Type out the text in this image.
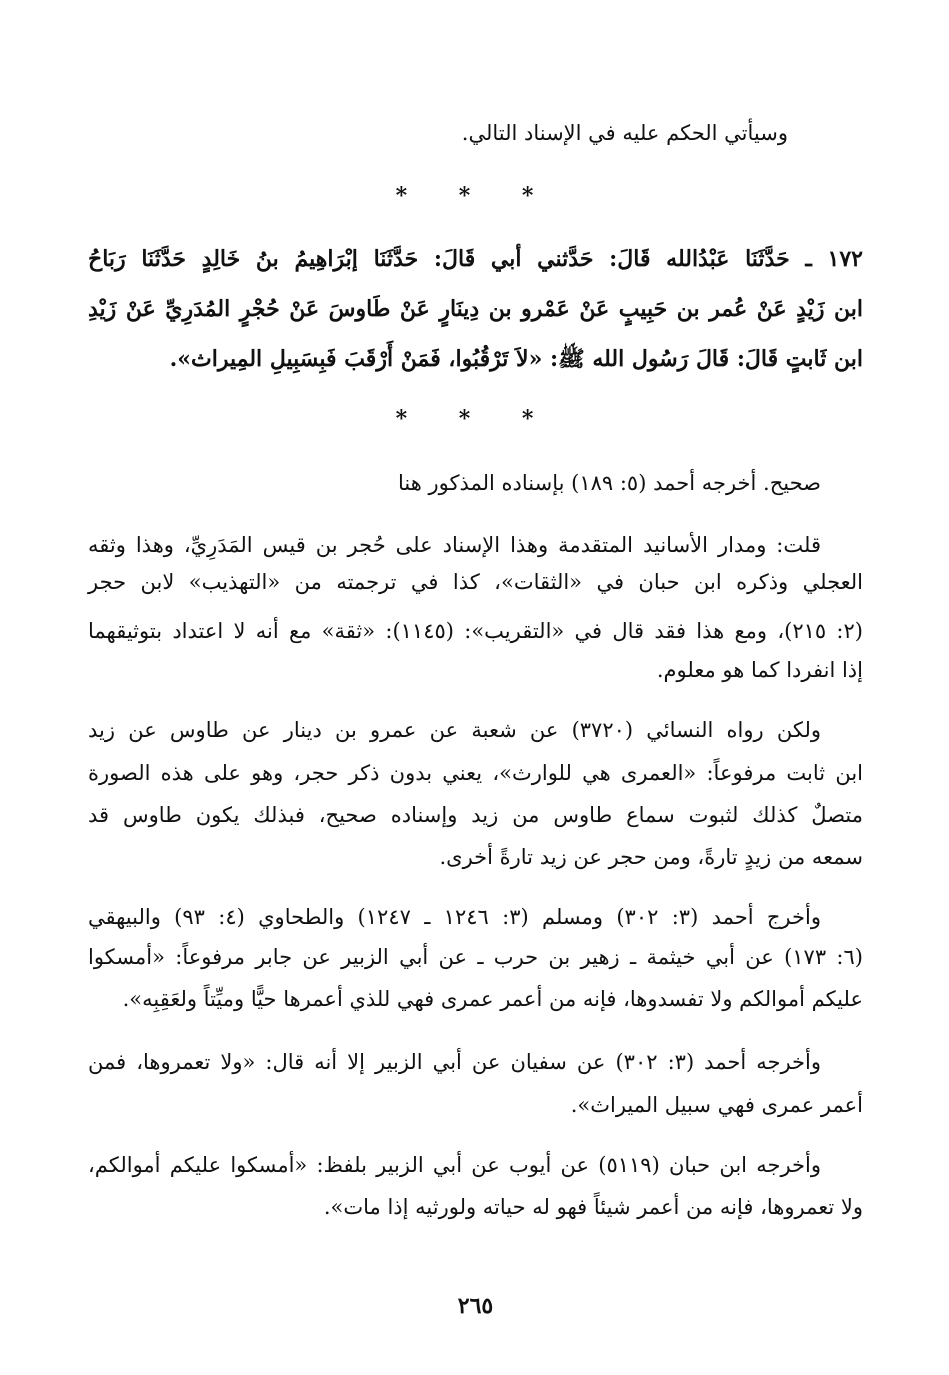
وسيأتي الحكم عليه في الإسناد التالي.
* * *
١٧٢ ـ حَدَّثَنَا عَبْدُالله قَالَ: حَدَّثني أبي قَالَ: حَدَّثَنَا إبْرَاهِيمُ بنُ خَالِدٍ حَدَّثَنَا رَبَاحُ
ابن زَيْدٍ عَنْ عُمر بن حَبِيبٍ عَنْ عَمْرو بن دِينَارٍ عَنْ طَاوسَ عَنْ حُجْرٍ المُدَرِيِّ عَنْ زَيْدِ
ابن ثَابتٍ قَالَ: قَالَ رَسُول الله ﷺ: «لاَ تَرْقُبُوا، فَمَنْ أَرْقَبَ فَبِسَبِيلِ المِيراث».
* * *
صحيح. أخرجه أحمد (٥: ١٨٩) بإسناده المذكور هنا
قلت: ومدار الأسانيد المتقدمة وهذا الإسناد على حُجر بن قيس المَدَرِيِّ، وهذا وثقه
العجلي وذكره ابن حبان في «الثقات»، كذا في ترجمته من «التهذيب» لابن حجر
(٢: ٢١٥)، ومع هذا فقد قال في «التقريب»: (١١٤٥): «ثقة» مع أنه لا اعتداد بتوثيقهما
إذا انفردا كما هو معلوم.
ولكن رواه النسائي (٣٧٢٠) عن شعبة عن عمرو بن دينار عن طاوس عن زيد
ابن ثابت مرفوعاً: «العمرى هي للوارث»، يعني بدون ذكر حجر، وهو على هذه الصورة
متصلٌ كذلك لثبوت سماع طاوس من زيد وإسناده صحيح، فبذلك يكون طاوس قد
سمعه من زيدٍ تارةً، ومن حجر عن زيد تارةً أخرى.
وأخرج أحمد (٣: ٣٠٢) ومسلم (٣: ١٢٤٦ ـ ١٢٤٧) والطحاوي (٤: ٩٣) والبيهقي
(٦: ١٧٣) عن أبي خيثمة ـ زهير بن حرب ـ عن أبي الزبير عن جابر مرفوعاً: «أمسكوا
عليكم أموالكم ولا تفسدوها، فإنه من أعمر عمرى فهي للذي أعمرها حيًّا وميِّتاً ولعَقِبِه».
وأخرجه أحمد (٣: ٣٠٢) عن سفيان عن أبي الزبير إلا أنه قال: «ولا تعمروها، فمن
أعمر عمرى فهي سبيل الميراث».
وأخرجه ابن حبان (٥١١٩) عن أيوب عن أبي الزبير بلفظ: «أمسكوا عليكم أموالكم،
ولا تعمروها، فإنه من أعمر شيئاً فهو له حياته ولورثيه إذا مات».
٢٦٥
